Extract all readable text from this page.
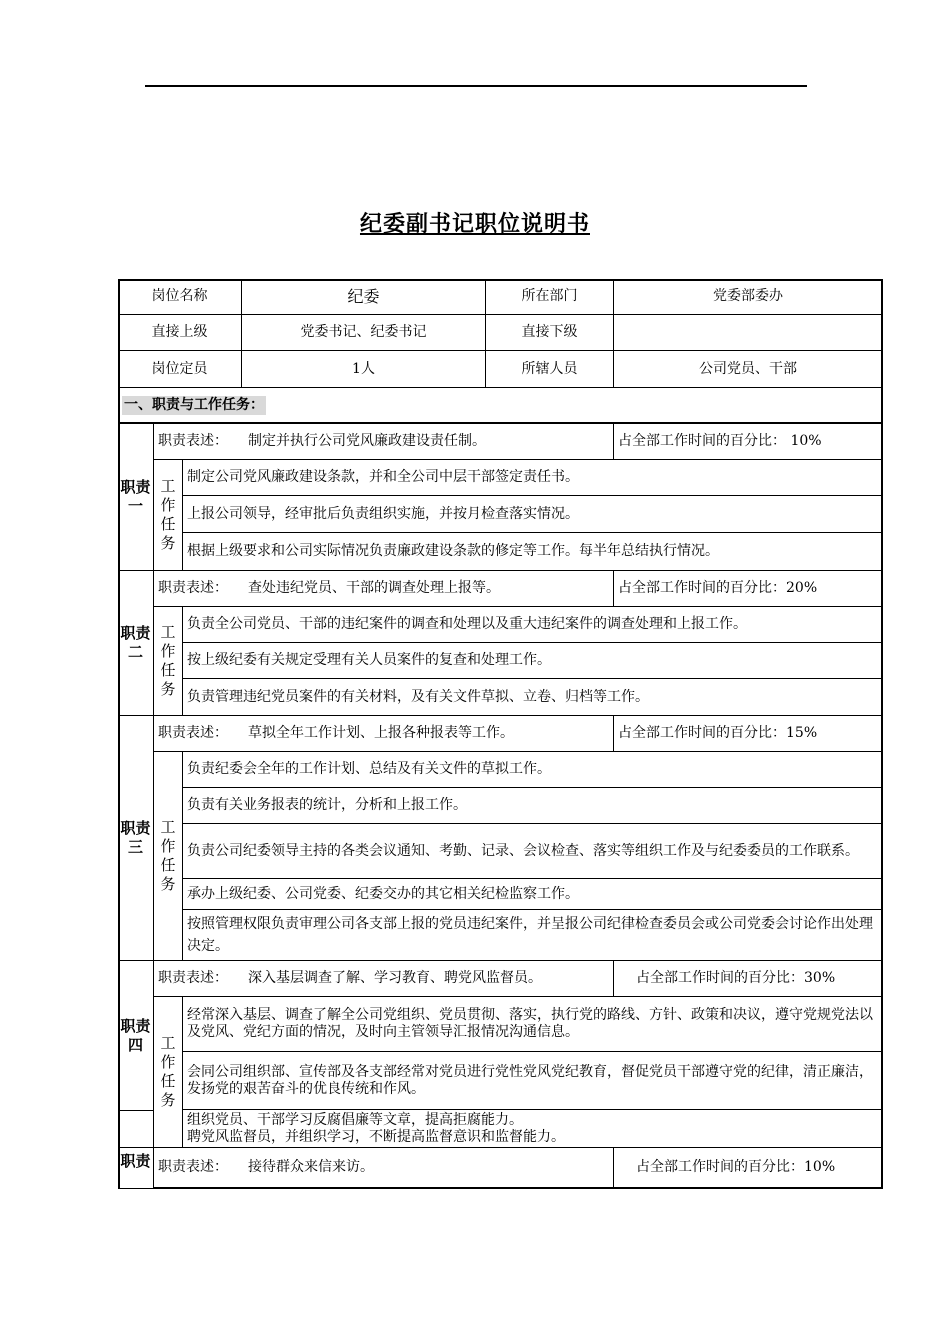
纪委副书记职位说明书
岗位名称	纪委	所在部门	党委部委办
直接上级	党委书记、纪委书记	直接下级
岗位定员	1人	所辖人员	公司党员、干部
一、职责与工作任务：
职责一
职责表述： 制定并执行公司党风廉政建设责任制。	占全部工作时间的百分比： 10%
工作任务
制定公司党风廉政建设条款，并和全公司中层干部签定责任书。
上报公司领导，经审批后负责组织实施，并按月检查落实情况。
根据上级要求和公司实际情况负责廉政建设条款的修定等工作。每半年总结执行情况。
职责二
职责表述： 查处违纪党员、干部的调查处理上报等。	占全部工作时间的百分比：20%
工作任务
负责全公司党员、干部的违纪案件的调查和处理以及重大违纪案件的调查处理和上报工作。
按上级纪委有关规定受理有关人员案件的复查和处理工作。
负责管理违纪党员案件的有关材料，及有关文件草拟、立卷、归档等工作。
职责三
职责表述： 草拟全年工作计划、上报各种报表等工作。	占全部工作时间的百分比：15%
工作任务
负责纪委会全年的工作计划、总结及有关文件的草拟工作。
负责有关业务报表的统计，分析和上报工作。
负责公司纪委领导主持的各类会议通知、考勤、记录、会议检查、落实等组织工作及与纪委委员的工作联系。
承办上级纪委、公司党委、纪委交办的其它相关纪检监察工作。
按照管理权限负责审理公司各支部上报的党员违纪案件，并呈报公司纪律检查委员会或公司党委会讨论作出处理决定。
职责四
职责表述： 深入基层调查了解、学习教育、聘党风监督员。	占全部工作时间的百分比：30%
工作任务
经常深入基层、调查了解全公司党组织、党员贯彻、落实，执行党的路线、方针、政策和决议，遵守党规党法以及党风、党纪方面的情况，及时向主管领导汇报情况沟通信息。
会同公司组织部、宣传部及各支部经常对党员进行党性党风党纪教育，督促党员干部遵守党的纪律，清正廉洁，发扬党的艰苦奋斗的优良传统和作风。
组织党员、干部学习反腐倡廉等文章，提高拒腐能力。
聘党风监督员，并组织学习，不断提高监督意识和监督能力。
职责 职责表述： 接待群众来信来访。	占全部工作时间的百分比：10%
